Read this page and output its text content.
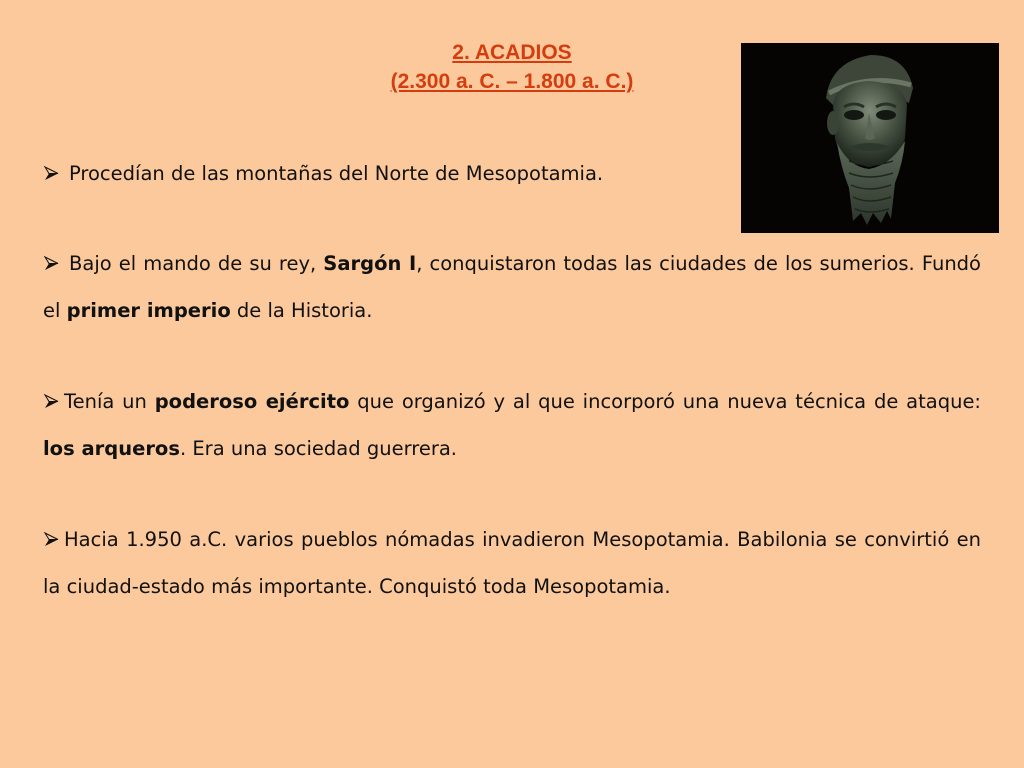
2. ACADIOS
(2.300 a. C. – 1.800 a. C.)
Procedían de las montañas del Norte de Mesopotamia.
Bajo el mando de su rey, Sargón I, conquistaron todas las ciudades de los sumerios. Fundó el primer imperio de la Historia.
Tenía un poderoso ejército que organizó y al que incorporó una nueva técnica de ataque: los arqueros. Era una sociedad guerrera.
Hacia 1.950 a.C. varios pueblos nómadas invadieron Mesopotamia. Babilonia se convirtió en la ciudad-estado más importante. Conquistó toda Mesopotamia.
